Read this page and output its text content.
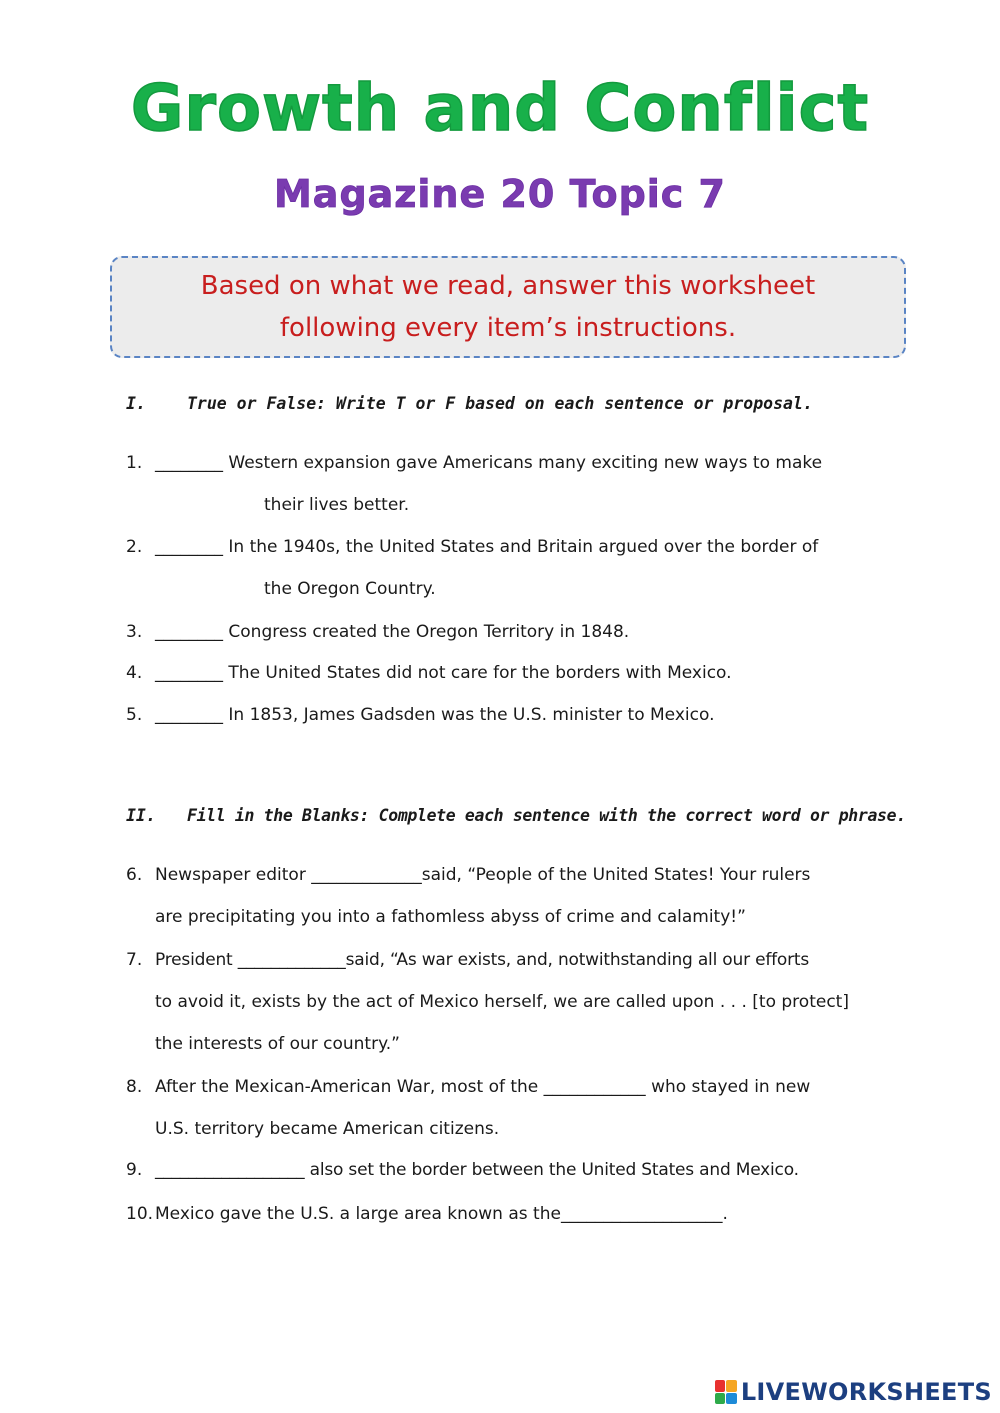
Growth and Conflict
Magazine 20 Topic 7
Based on what we read, answer this worksheet
following every item’s instructions.
I. True or False: Write T or F based on each sentence or proposal.
1. ________ Western expansion gave Americans many exciting new ways to make
their lives better.
2. ________ In the 1940s, the United States and Britain argued over the border of
the Oregon Country.
3. ________ Congress created the Oregon Territory in 1848.
4. ________ The United States did not care for the borders with Mexico.
5. ________ In 1853, James Gadsden was the U.S. minister to Mexico.
II. Fill in the Blanks: Complete each sentence with the correct word or phrase.
6. Newspaper editor _____________said, “People of the United States! Your rulers
are precipitating you into a fathomless abyss of crime and calamity!”
7. President _____________said, “As war exists, and, notwithstanding all our efforts
to avoid it, exists by the act of Mexico herself, we are called upon . . . [to protect]
the interests of our country.”
8. After the Mexican-American War, most of the ____________ who stayed in new
U.S. territory became American citizens.
9. __________________ also set the border between the United States and Mexico.
10. Mexico gave the U.S. a large area known as the___________________.
LIVEWORKSHEETS
